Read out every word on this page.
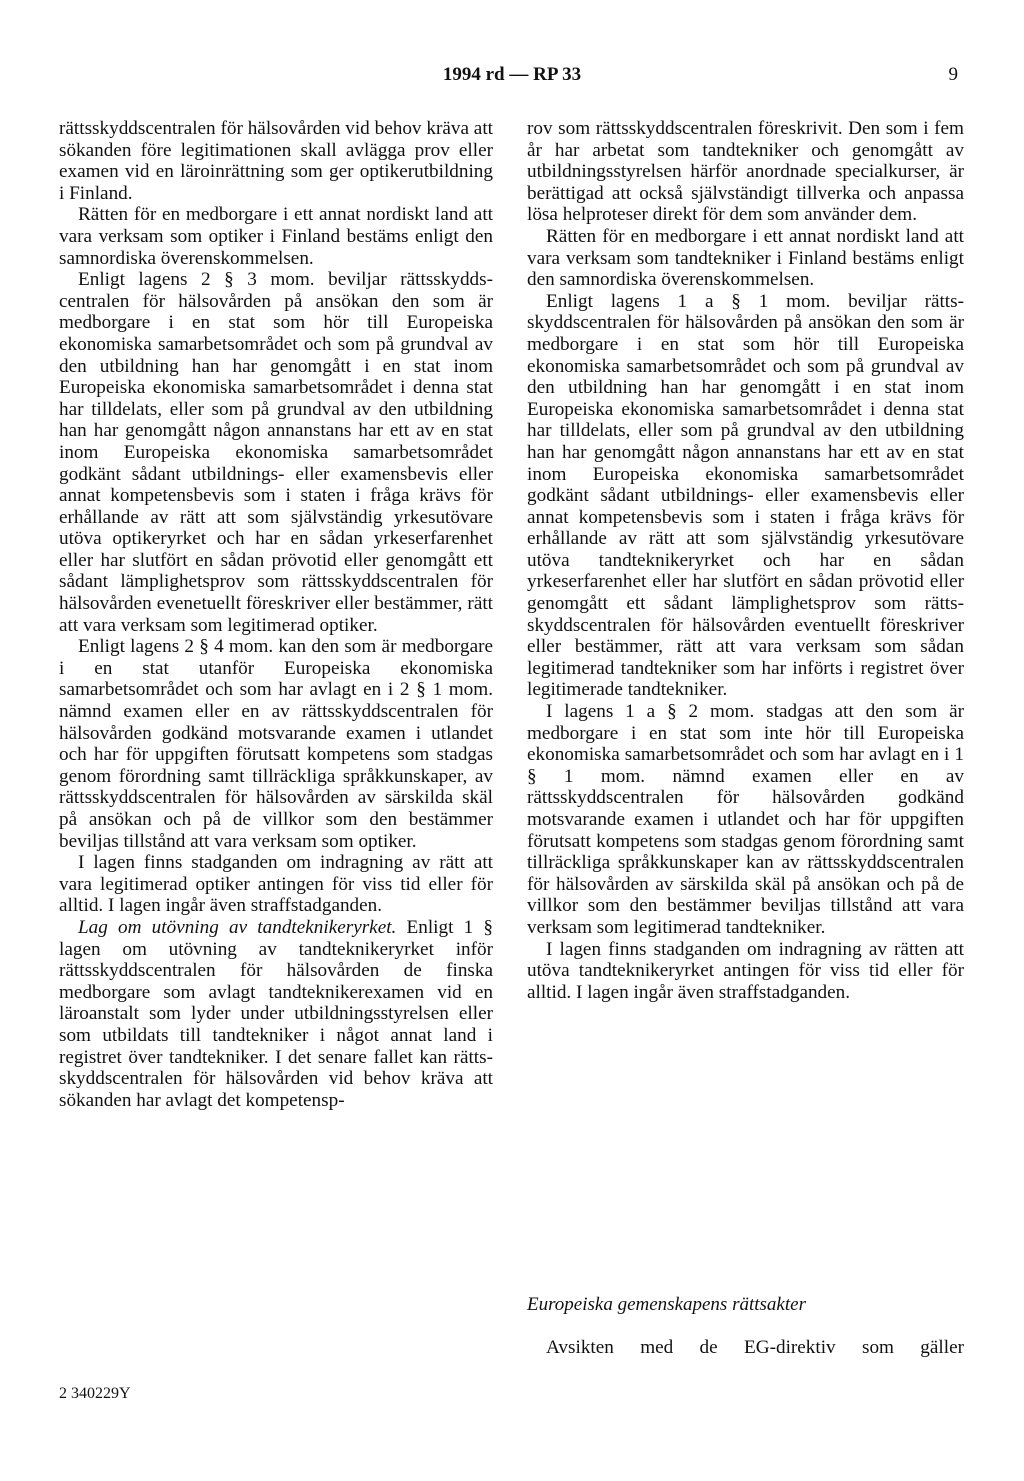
1994 rd — RP 33	9

rättsskyddscentralen för hälsovården vid behov kräva att sökanden före legitimationen skall avlägga prov eller examen vid en läroinrättning som ger optikerutbildning i Finland.

Rätten för en medborgare i ett annat nordiskt land att vara verksam som optiker i Finland bestäms enligt den samnordiska överenskommelsen.

Enligt lagens 2 § 3 mom. beviljar rättsskyddscentralen för hälsovården på ansökan den som är medborgare i en stat som hör till Europeiska ekonomiska samarbetsområdet och som på grundval av den utbildning han har genomgått i en stat inom Europeiska ekonomiska samarbetsområdet i denna stat har tilldelats, eller som på grundval av den utbildning han har genomgått någon annanstans har ett av en stat inom Europeiska ekonomiska samarbetsområdet godkänt sådant utbildnings- eller examensbevis eller annat kompetensbevis som i staten i fråga krävs för erhållande av rätt att som självständig yrkesutövare utöva optikeryrket och har en sådan yrkeserfarenhet eller har slutfört en sådan prövotid eller genomgått ett sådant lämplighetsprov som rättsskyddscentralen för hälsovården evenetuellt föreskriver eller bestämmer, rätt att vara verksam som legitimerad optiker.

Enligt lagens 2 § 4 mom. kan den som är medborgare i en stat utanför Europeiska ekonomiska samarbetsområdet och som har avlagt en i 2 § 1 mom. nämnd examen eller en av rättsskyddscentralen för hälsovården godkänd motsvarande examen i utlandet och har för uppgiften förutsatt kompetens som stadgas genom förordning samt tillräckliga språkkunskaper, av rättsskyddscentralen för hälsovården av särskilda skäl på ansökan och på de villkor som den bestämmer beviljas tillstånd att vara verksam som optiker.

I lagen finns stadganden om indragning av rätt att vara legitimerad optiker antingen för viss tid eller för alltid. I lagen ingår även straffstadganden.

Lag om utövning av tandteknikeryrket. Enligt 1 § lagen om utövning av tandteknikeryrket inför rättsskyddscentralen för hälsovården de finska medborgare som avlagt tandteknikerexamen vid en läroanstalt som lyder under utbildningsstyrelsen eller som utbildats till tandtekniker i något annat land i registret över tandtekniker. I det senare fallet kan rättsskyddscentralen för hälsovården vid behov kräva att sökanden har avlagt det kompetensp-

rov som rättsskyddscentralen föreskrivit. Den som i fem år har arbetat som tandtekniker och genomgått av utbildningsstyrelsen härför anordnade specialkurser, är berättigad att också självständigt tillverka och anpassa lösa helproteser direkt för dem som använder dem.

Rätten för en medborgare i ett annat nordiskt land att vara verksam som tandtekniker i Finland bestäms enligt den samnordiska överenskommelsen.

Enligt lagens 1 a § 1 mom. beviljar rättsskyddscentralen för hälsovården på ansökan den som är medborgare i en stat som hör till Europeiska ekonomiska samarbetsområdet och som på grundval av den utbildning han har genomgått i en stat inom Europeiska ekonomiska samarbetsområdet i denna stat har tilldelats, eller som på grundval av den utbildning han har genomgått någon annanstans har ett av en stat inom Europeiska ekonomiska samarbetsområdet godkänt sådant utbildnings- eller examensbevis eller annat kompetensbevis som i staten i fråga krävs för erhållande av rätt att som självständig yrkesutövare utöva tandteknikeryrket och har en sådan yrkeserfarenhet eller har slutfört en sådan prövotid eller genomgått ett sådant lämplighetsprov som rättsskyddscentralen för hälsovården eventuellt föreskriver eller bestämmer, rätt att vara verksam som sådan legitimerad tandtekniker som har införts i registret över legitimerade tandtekniker.

I lagens 1 a § 2 mom. stadgas att den som är medborgare i en stat som inte hör till Europeiska ekonomiska samarbetsområdet och som har avlagt en i 1 § 1 mom. nämnd examen eller en av rättsskyddscentralen för hälsovården godkänd motsvarande examen i utlandet och har för uppgiften förutsatt kompetens som stadgas genom förordning samt tillräckliga språkkunskaper kan av rättsskyddscentralen för hälsovården av särskilda skäl på ansökan och på de villkor som den bestämmer beviljas tillstånd att vara verksam som legitimerad tandtekniker.

I lagen finns stadganden om indragning av rätten att utöva tandteknikeryrket antingen för viss tid eller för alltid. I lagen ingår även straffstadganden.

Europeiska gemenskapens rättsakter
Avsikten med de EG-direktiv som gäller
2 340229Y
